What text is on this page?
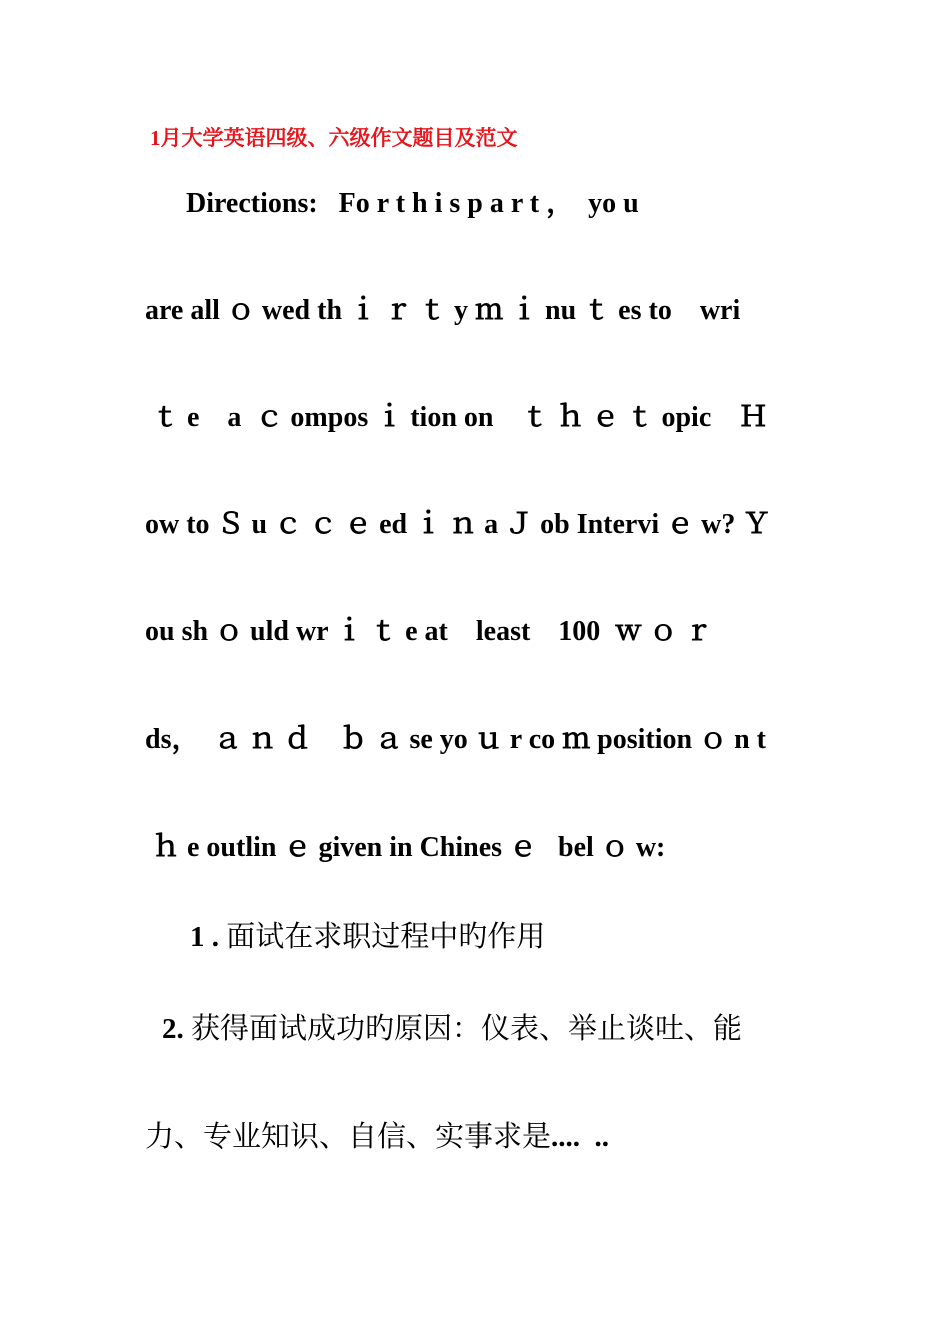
1月大学英语四级、六级作文题目及范文
Directions:   Fo r t h i s p a r t ，  yo u
are all ｏ wed th ｉ ｒ ｔ y ｍ ｉ nu ｔ es to    wri
ｔ e    a  ｃ ompos ｉ tion on    ｔ ｈ ｅ ｔ opic    Ｈ
ow to Ｓ u ｃ ｃ ｅ ed ｉ ｎ a Ｊ ob Intervi ｅ w? Ｙ
ou sh ｏ uld wr ｉ ｔ e at    least    100  ｗ ｏ ｒ
ds，  ａ ｎ ｄ    ｂ ａ se yo ｕ r co ｍ position ｏ n t
ｈ e outlin ｅ given in Chines ｅ   bel ｏ w:
1 . 面试在求职过程中旳作用
2. 获得面试成功旳原因：仪表、举止谈吐、能
力、专业知识、自信、实事求是....  ..
